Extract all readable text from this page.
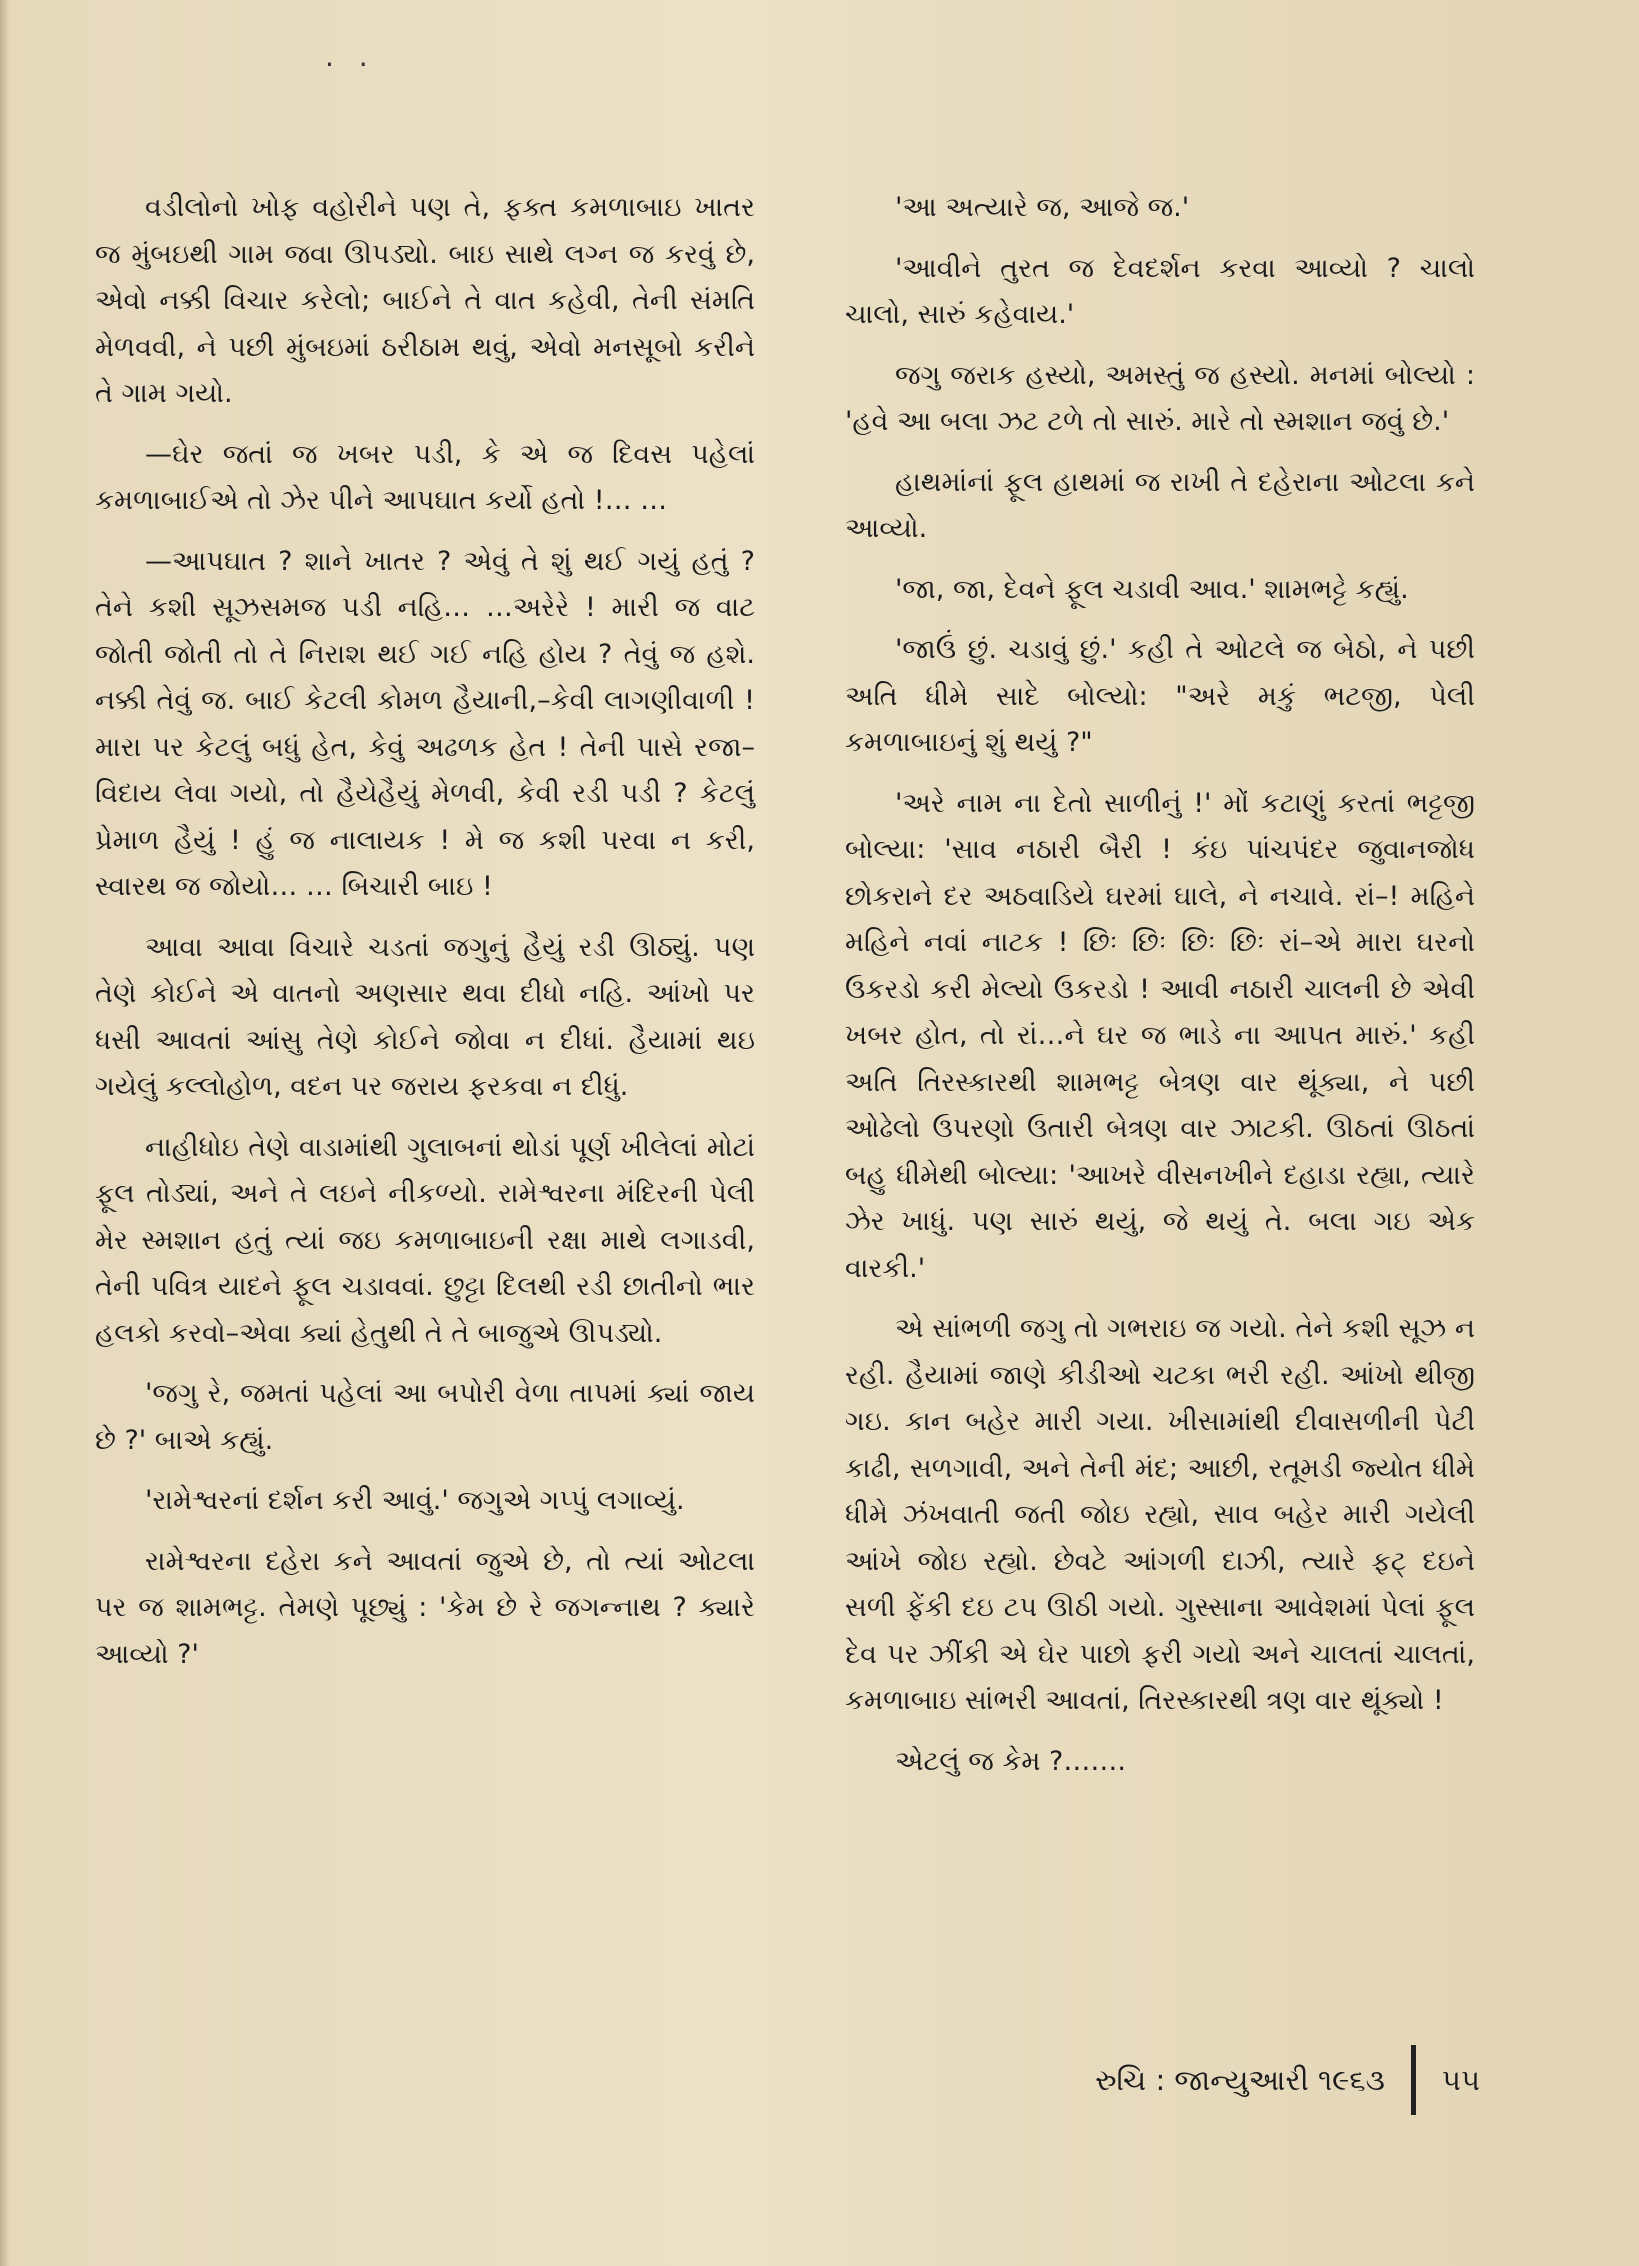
. .

વડીલોનો ખોફ વહોરીને પણ તે, ફક્ત કમળાબાઇ ખાતર જ મુંબઇથી ગામ જવા ઊપડ્યો. બાઇ સાથે લગ્ન જ કરવું છે, એવો નક્કી વિચાર કરેલો; બાઈને તે વાત કહેવી, તેની સંમતિ મેળવવી, ને પછી મુંબઇમાં ઠરીઠામ થવું, એવો મનસૂબો કરીને તે ગામ ગયો.

—ઘેર જતાં જ ખબર પડી, કે એ જ દિવસ પહેલાં કમળાબાઈએ તો ઝેર પીને આપઘાત કર્યો હતો !… …

—આપઘાત ? શાને ખાતર ? એવું તે શું થઈ ગયું હતું ? તેને કશી સૂઝસમજ પડી નહિ… …અરેરે ! મારી જ વાટ જોતી જોતી તો તે નિરાશ થઈ ગઈ નહિ હોય ? તેવું જ હશે. નક્કી તેવું જ. બાઈ કેટલી કોમળ હૈયાની,–કેવી લાગણીવાળી ! મારા પર કેટલું બધું હેત, કેવું અઢળક હેત ! તેની પાસે રજા–વિદાય લેવા ગયો, તો હૈયેહૈયું મેળવી, કેવી રડી પડી ? કેટલું પ્રેમાળ હૈયું ! હું જ નાલાયક ! મે જ કશી પરવા ન કરી, સ્વારથ જ જોયો… … બિચારી બાઇ !

આવા આવા વિચારે ચડતાં જગુનું હૈયું રડી ઊઠ્યું. પણ તેણે કોઈને એ વાતનો અણસાર થવા દીધો નહિ. આંખો પર ધસી આવતાં આંસુ તેણે કોઈને જોવા ન દીધાં. હૈયામાં થઇ ગયેલું કલ્લોહોળ, વદન પર જરાય ફરકવા ન દીધું.

નાહીધોઇ તેણે વાડામાંથી ગુલાબનાં થોડાં પૂર્ણ ખીલેલાં મોટાં ફૂલ તોડ્યાં, અને તે લઇને નીકળ્યો. રામેશ્વરના મંદિરની પેલી મેર સ્મશાન હતું ત્યાં જઇ કમળાબાઇની રક્ષા માથે લગાડવી, તેની પવિત્ર યાદને ફૂલ ચડાવવાં. છુટ્ટા દિલથી રડી છાતીનો ભાર હલકો કરવો–એવા ક્યાં હેતુથી તે તે બાજુએ ઊપડ્યો.

'જગુ રે, જમતાં પહેલાં આ બપોરી વેળા તાપમાં ક્યાં જાય છે ?' બાએ કહ્યું.

'રામેશ્વરનાં દર્શન કરી આવું.' જગુએ ગપ્પું લગાવ્યું.

રામેશ્વરના દહેરા કને આવતાં જુએ છે, તો ત્યાં ઓટલા પર જ શામભટ્ટ. તેમણે પૂછ્યું : 'કેમ છે રે જગન્નાથ ? ક્યારે આવ્યો ?'

'આ અત્યારે જ, આજે જ.'

'આવીને તુરત જ દેવદર્શન કરવા આવ્યો ? ચાલો ચાલો, સારું કહેવાય.'

જગુ જરાક હસ્યો, અમસ્તું જ હસ્યો. મનમાં બોલ્યો : 'હવે આ બલા ઝટ ટળે તો સારું. મારે તો સ્મશાન જવું છે.'

હાથમાંનાં ફૂલ હાથમાં જ રાખી તે દહેરાના ઓટલા કને આવ્યો.

'જા, જા, દેવને ફૂલ ચડાવી આવ.' શામભટ્ટે કહ્યું.

'જાઉં છું. ચડાવું છું.' કહી તે ઓટલે જ બેઠો, ને પછી અતિ ધીમે સાદે બોલ્યો: "અરે મકું ભટજી, પેલી કમળાબાઇનું શું થયું ?"

'અરે નામ ના દેતો સાળીનું !' મોં કટાણું કરતાં ભટ્ટજી બોલ્યા: 'સાવ નઠારી બૈરી ! કંઇ પાંચપંદર જુવાનજોધ છોકરાને દર અઠવાડિયે ઘરમાં ઘાલે, ને નચાવે. રાં–! મહિને મહિને નવાં નાટક ! છિઃ છિઃ છિઃ છિઃ રાં–એ મારા ઘરનો ઉકરડો કરી મેલ્યો ઉકરડો ! આવી નઠારી ચાલની છે એવી ખબર હોત, તો રાં…ને ઘર જ ભાડે ના આપત મારું.' કહી અતિ તિરસ્કારથી શામભટ્ટ બેત્રણ વાર થૂંક્યા, ને પછી ઓઢેલો ઉપરણો ઉતારી બેત્રણ વાર ઝાટકી. ઊઠતાં ઊઠતાં બહુ ધીમેથી બોલ્યા: 'આખરે વીસનખીને દહાડા રહ્યા, ત્યારે ઝેર ખાધું. પણ સારું થયું, જે થયું તે. બલા ગઇ એક વારકી.'

એ સાંભળી જગુ તો ગભરાઇ જ ગયો. તેને કશી સૂઝ ન રહી. હૈયામાં જાણે કીડીઓ ચટકા ભરી રહી. આંખો થીજી ગઇ. કાન બહેર મારી ગયા. ખીસામાંથી દીવાસળીની પેટી કાઢી, સળગાવી, અને તેની મંદ; આછી, રતૂમડી જ્યોત ધીમે ધીમે ઝંખવાતી જતી જોઇ રહ્યો, સાવ બહેર મારી ગયેલી આંખે જોઇ રહ્યો. છેવટે આંગળી દાઝી, ત્યારે ફટ્ દઇને સળી ફેંકી દઇ ટપ ઊઠી ગયો. ગુસ્સાના આવેશમાં પેલાં ફૂલ દેવ પર ઝીંકી એ ઘેર પાછો ફરી ગયો અને ચાલતાં ચાલતાં, કમળાબાઇ સાંભરી આવતાં, તિરસ્કારથી ત્રણ વાર થૂંક્યો !

એટલું જ કેમ ?…….

રુચિ : જાન્યુઆરી ૧૯૬૩ ૫૫
